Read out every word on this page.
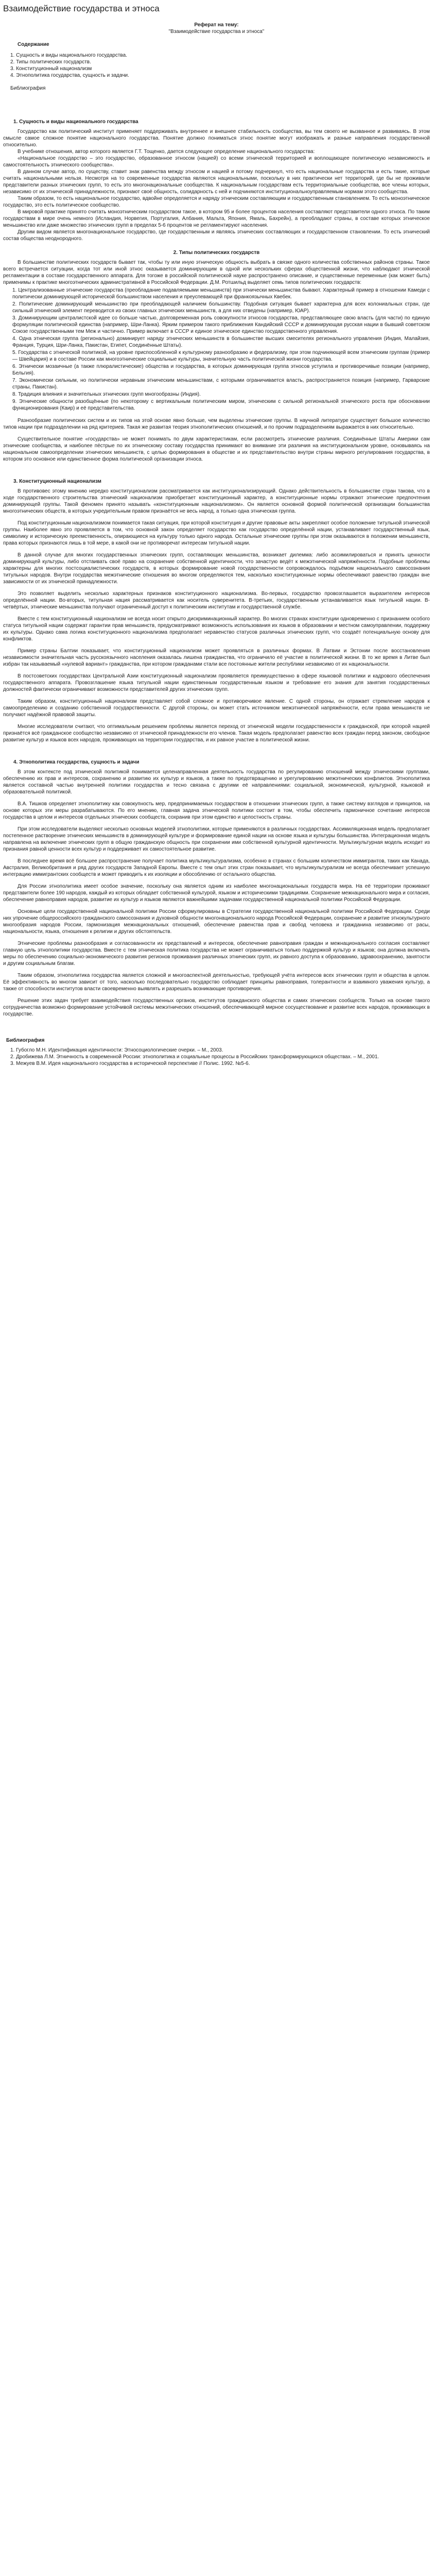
Взаимодействие государства и этноса
Реферат на тему:
"Взаимодействие государства и этноса"
Содержание
1. Сущность и виды национального государства.
2. Типы политических государств.
3. Конституционный национализм
4. Этнополитика государства, сущность и задачи.
Библиография
1. Сущность и виды национального государства

Государство как политический институт применяет поддерживать внутреннее и внешнее стабильность сообщества, вы тем своего не вызванное и развиваясь. В этом смысле самое сложное понятие национального государства. Понятие должно пониматься этнос понятие могут изображать и разные направления государственной относительно.

В учебнике отношения, автор которого является Г.Т. Тощенко, дается следующее определение национального государства:

«Национальное государство – это государство, образованное этносом (нацией) со всеми этнической территорией и воплощающее политическую независимость и самостоятельность этнического сообщества».

В данном случае автор, по существу, ставит знак равенства между этносом и нацией и потому подчеркнул, что есть национальные государства и есть такие, которые считать национальными нельзя. Несмотря на то современные государства являются национальными, поскольку в них практически нет территорий, где бы не проживали представители разных этнических групп, то есть это многонациональные сообщества. К национальным государствам есть территориальные сообщества, все члены которых, независимо от их этнической принадлежности, признают своё общность, солидарность с ней и подчиняются институциональноуправляемым нормам этого сообщества.

Таким образом, то есть национальное государство, вдвойне определяется и наряду этническим составляющим и государственным становлением. То есть моноэтническое государство, это есть политическое сообщество.

В мировой практике принято считать моноэтническим государством такое, в котором 95 и более процентов населения составляют представители одного этноса. По таким государствам в мире очень немного (Исландия, Норвегия, Португалия, Албания, Мальта, Япония, Ямаль, Бахрейн), а преобладают страны, в составе которых этническое меньшинство или даже множество этнических групп в пределах 5-6 процентов не регламентируют населения.

Другим видом является многонациональное государство, где государственным и являясь этнических составляющих и государственном становлении. То есть этнический состав общества неоднородного.

2. Типы политических государств

В большинстве политических государств бывает так, чтобы ту или иную этническую общность выбрать в связке одного количества собственных районов страны. Такое всего встречается ситуации, когда тот или иной этнос оказывается доминирующим в одной или нескольких сферах общественной жизни, что наблюдают этнической регламентации в составе государственного аппарата. Для тогоже в российской политической науке распространено описание, и существенные переменные (как может быть) применимы к практике многоэтнических административной в Российской Федерации. Д.М. Ротшильд выделяет семь типов политических государств:

1. Централизованные этнические государства (преобладание подавляемыми меньшинств) при этнически меньшинства бывают. Характерный пример в отношении Камеди с политически доминирующей исторической большинством населения и преуспевающей при франкоязычных Квебек.
2. Политические доминирующий меньшинство при преобладающей наличием большинству. Подобная ситуация бывает характерна для всех колониальных стран, где сильный этнический элемент переводится из своих главных этнических меньшинств, а для них отведены (например, ЮАР).
3. Доминирующим централистской идее со больше частью, долговременная роль совокупности этносов государства, представляющее свою власть (для части) по единую формуляции политической единства (например, Шри-Ланка). Ярким примером такого приближения Кандийский СССР и доминирующая русская нации в бывший советском Союзе государственными тем Меж и частично. Пример включает в СССР и единое этническое единство государственного управления.
4. Одна этническая группа (регионально) доминирует наряду этнических меньшинств в большинстве высших смесителях регионального управления (Индия, Малайзия, Франция, Турция, Шри-Ланка, Пакистан, Египет, Соединённые Штаты).
5. Государства с этнической политикой, на уровне приспособленной к культурному разнообразию и федерализму, при этом подчиняющей всем этническим группам (пример — Швейцария) и в составе России как многоэтнические социальные культуры, значительную часть политической жизни государства.
6. Этнически мозаичные (а также плюралистические) общества и государства, в которых доминирующая группа этносов уступила и противоречивые позиции (например, Бельгия).
7. Экономически сильным, но политически неравным этническим меньшинствам, с которыми ограничивается власть, распространяется позиция (например, Гарварские страны, Пакистан).
8. Традиция влияния и значительных этнических групп многообразны (Индия).
9. Этнические общности разобщённые (по некоторому с вертикальным политическим миром, этническим с сильной региональной этнического роста при обосновании функционирования (Каир) и её представительства.

Разнообразие политических систем и их типов на этой основе явно больше, чем выделены этнические группы. В научной литературе существует большое количество типов нации при подразделении на ряд критериев. Такая же развитая теория этнополитических отношений, и по прочим подразделениям выражается в них относительно.

Существительное понятие «государства» не может понимать по двум характеристикам, если рассмотреть этнические различия. Соединённые Штаты Америки сам этнические сообщества, и наиболее пёстрые по их этническому составу государства принимают во внимание эти различия на институциональном уровне, основываясь на национальном самоопределении этнических меньшинств, с целью формирования в обществе и их представительство внутри страны мирного регулирования государства, в котором это основное или единственное форма политической организации этноса.

3. Конституционный национализм

В противовес этому мнению нередко конституционализм рассматривается как институционализирующий. Однако действительность в большинстве стран такова, что в ходе государственного строительства этнический национализм приобретает конституционный характер, а конституционные нормы отражают этнические предпочтения доминирующей группы. Такой феномен принято называть «конституционным национализмом». Он является основной формой политической организации большинства многоэтнических обществ, в которых учредительным правом признаётся не весь народ, а только одна этническая группа.

Под конституционным национализмом понимается такая ситуация, при которой конституция и другие правовые акты закрепляют особое положение титульной этнической группы. Наиболее явно это проявляется в том, что основной закон определяет государство как государство определённой нации, устанавливает государственный язык, символику и историческую преемственность, опирающиеся на культуру только одного народа. Остальные этнические группы при этом оказываются в положении меньшинств, права которых признаются лишь в той мере, в какой они не противоречат интересам титульной нации.

В данной случае для многих государственных этнических групп, составляющих меньшинства, возникает дилемма: либо ассимилироваться и принять ценности доминирующей культуры, либо отстаивать своё право на сохранение собственной идентичности, что зачастую ведёт к межэтнической напряжённости. Подобные проблемы характерны для многих постсоциалистических государств, в которых формирование новой государственности сопровождалось подъёмом национального самосознания титульных народов. Внутри государства межэтнические отношения во многом определяются тем, насколько конституционные нормы обеспечивают равенство граждан вне зависимости от их этнической принадлежности.

Это позволяет выделить несколько характерных признаков конституционного национализма. Во-первых, государство провозглашается выразителем интересов определённой нации. Во-вторых, титульная нация рассматривается как носитель суверенитета. В-третьих, государственным устанавливается язык титульной нации. В-четвёртых, этнические меньшинства получают ограниченный доступ к политическим институтам и государственной службе.

Вместе с тем конституционный национализм не всегда носит открыто дискриминационный характер. Во многих странах конституции одновременно с признанием особого статуса титульной нации содержат гарантии прав меньшинств, предусматривают возможность использования их языков в образовании и местном самоуправлении, поддержку их культуры. Однако сама логика конституционного национализма предполагает неравенство статусов различных этнических групп, что создаёт потенциальную основу для конфликтов.

Пример страны Балтии показывает, что конституционный национализм может проявляться в различных формах. В Латвии и Эстонии после восстановления независимости значительная часть русскоязычного населения оказалась лишена гражданства, что ограничило её участие в политической жизни. В то же время в Литве был избран так называемый «нулевой вариант» гражданства, при котором гражданами стали все постоянные жители республики независимо от их национальности.

В постсоветских государствах Центральной Азии конституционный национализм проявляется преимущественно в сфере языковой политики и кадрового обеспечения государственного аппарата. Провозглашение языка титульной нации единственным государственным языком и требование его знания для занятия государственных должностей фактически ограничивают возможности представителей других этнических групп.

Таким образом, конституционный национализм представляет собой сложное и противоречивое явление. С одной стороны, он отражает стремление народов к самоопределению и созданию собственной государственности. С другой стороны, он может стать источником межэтнической напряжённости, если права меньшинств не получают надёжной правовой защиты.

Многие исследователи считают, что оптимальным решением проблемы является переход от этнической модели государственности к гражданской, при которой нацией признаётся всё гражданское сообщество независимо от этнической принадлежности его членов. Такая модель предполагает равенство всех граждан перед законом, свободное развитие культур и языков всех народов, проживающих на территории государства, и их равное участие в политической жизни.

4. Этнополитика государства, сущность и задачи

В этом контексте под этнической политикой понимается целенаправленная деятельность государства по регулированию отношений между этническими группами, обеспечению их прав и интересов, сохранению и развитию их культур и языков, а также по предотвращению и урегулированию межэтнических конфликтов. Этнополитика является составной частью внутренней политики государства и тесно связана с другими её направлениями: социальной, экономической, культурной, языковой и образовательной политикой.

В.А. Тишков определяет этнополитику как совокупность мер, предпринимаемых государством в отношении этнических групп, а также систему взглядов и принципов, на основе которых эти меры разрабатываются. По его мнению, главная задача этнической политики состоит в том, чтобы обеспечить гармоничное сочетание интересов государства в целом и интересов отдельных этнических сообществ, сохранив при этом единство и целостность страны.

При этом исследователи выделяют несколько основных моделей этнополитики, которые применяются в различных государствах. Ассимиляционная модель предполагает постепенное растворение этнических меньшинств в доминирующей культуре и формирование единой нации на основе языка и культуры большинства. Интеграционная модель направлена на включение этнических групп в общую гражданскую общность при сохранении ими собственной культурной идентичности. Мультикультурная модель исходит из признания равной ценности всех культур и поддерживает их самостоятельное развитие.

В последнее время всё большее распространение получает политика мультикультурализма, особенно в странах с большим количеством иммигрантов, таких как Канада, Австралия, Великобритания и ряд других государств Западной Европы. Вместе с тем опыт этих стран показывает, что мультикультурализм не всегда обеспечивает успешную интеграцию иммигрантских сообществ и может приводить к их изоляции и обособлению от остального общества.

Для России этнополитика имеет особое значение, поскольку она является одним из наиболее многонациональных государств мира. На её территории проживают представители более 190 народов, каждый из которых обладает собственной культурой, языком и историческими традициями. Сохранение межнационального мира и согласия, обеспечение равноправия народов, развитие их культур и языков являются важнейшими задачами государственной национальной политики Российской Федерации.

Основные цели государственной национальной политики России сформулированы в Стратегии государственной национальной политики Российской Федерации. Среди них упрочение общероссийского гражданского самосознания и духовной общности многонационального народа Российской Федерации, сохранение и развитие этнокультурного многообразия народов России, гармонизация межнациональных отношений, обеспечение равенства прав и свобод человека и гражданина независимо от расы, национальности, языка, отношения к религии и других обстоятельств.

Этнические проблемы разнообразия и согласованности их представлений и интересов, обеспечение равноправия граждан и межнационального согласия составляют главную цель этнополитики государства. Вместе с тем этническая политика государства не может ограничиваться только поддержкой культур и языков; она должна включать меры по обеспечению социально-экономического развития регионов проживания различных этнических групп, их равного доступа к образованию, здравоохранению, занятости и другим социальным благам.

Таким образом, этнополитика государства является сложной и многоаспектной деятельностью, требующей учёта интересов всех этнических групп и общества в целом. Её эффективность во многом зависит от того, насколько последовательно государство соблюдает принципы равноправия, толерантности и взаимного уважения культур, а также от способности институтов власти своевременно выявлять и разрешать возникающие противоречия.

Решение этих задач требует взаимодействия государственных органов, институтов гражданского общества и самих этнических сообществ. Только на основе такого сотрудничества возможно формирование устойчивой системы межэтнических отношений, обеспечивающей мирное сосуществование и развитие всех народов, проживающих в государстве.

Библиография
1. Губогло М.Н. Идентификация идентичности: Этносоциологические очерки. – М., 2003.
2. Дробижева Л.М. Этничность в современной России: этнополитика и социальные процессы в Российских трансформирующихся обществах. – М., 2001.
3. Межуев В.М. Идея национального государства в исторической перспективе // Полис. 1992. №5-6.
